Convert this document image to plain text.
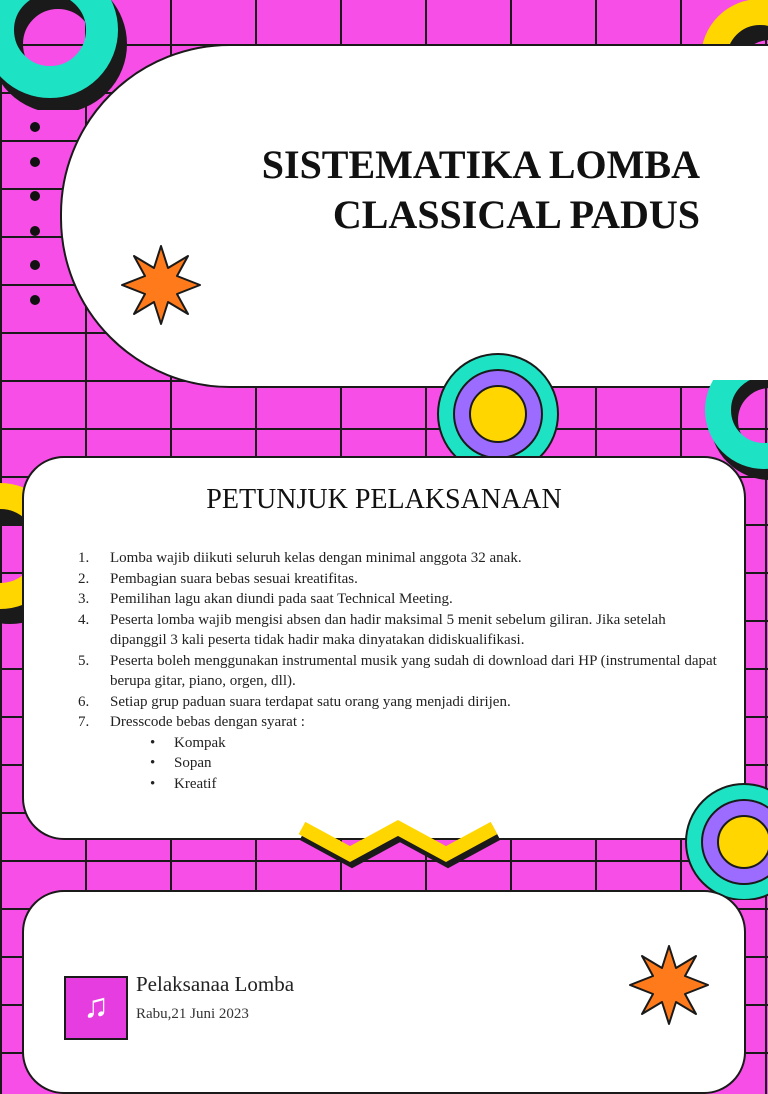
SISTEMATIKA LOMBA
CLASSICAL PADUS
PETUNJUK PELAKSANAAN
1. Lomba wajib diikuti seluruh kelas dengan minimal anggota 32 anak.
2. Pembagian suara bebas sesuai kreatifitas.
3. Pemilihan lagu akan diundi pada saat Technical Meeting.
4. Peserta lomba wajib mengisi absen dan hadir maksimal 5 menit sebelum giliran. Jika setelah dipanggil 3 kali peserta tidak hadir maka dinyatakan didiskualifikasi.
5. Peserta boleh menggunakan instrumental musik yang sudah di download dari HP (instrumental dapat berupa gitar, piano, orgen, dll).
6. Setiap grup paduan suara terdapat satu orang yang menjadi dirijen.
7. Dresscode bebas dengan syarat :
• Kompak
• Sopan
• Kreatif
♫
Pelaksanaa Lomba
Rabu,21 Juni 2023
